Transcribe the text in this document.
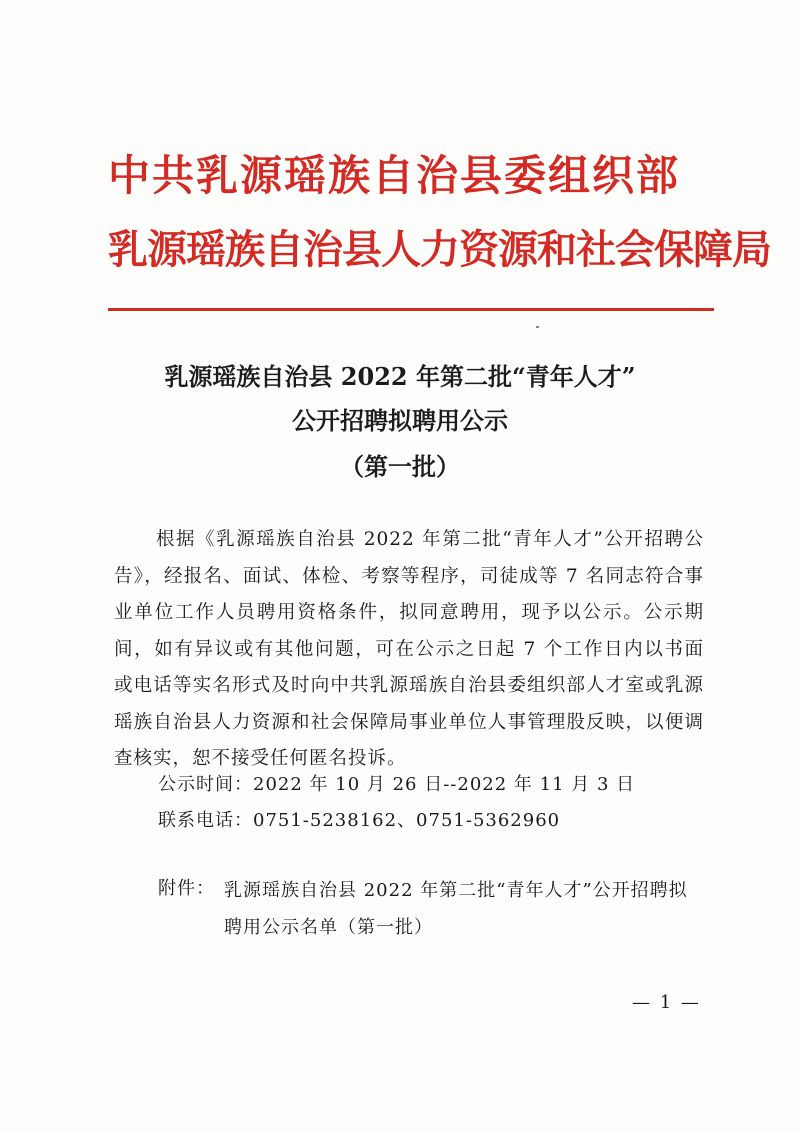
中共乳源瑶族自治县委组织部
乳源瑶族自治县人力资源和社会保障局
乳源瑶族自治县 2022 年第二批“青年人才”
公开招聘拟聘用公示
（第一批）

根据《乳源瑶族自治县 2022 年第二批“青年人才”公开招聘公告》，经报名、面试、体检、考察等程序，司徒成等 7 名同志符合事业单位工作人员聘用资格条件，拟同意聘用，现予以公示。公示期间，如有异议或有其他问题，可在公示之日起 7 个工作日内以书面或电话等实名形式及时向中共乳源瑶族自治县委组织部人才室或乳源瑶族自治县人力资源和社会保障局事业单位人事管理股反映，以便调查核实，恕不接受任何匿名投诉。

公示时间：2022 年 10 月 26 日--2022 年 11 月 3 日

联系电话：0751-5238162、0751-5362960

附件： 乳源瑶族自治县 2022 年第二批“青年人才”公开招聘拟聘用公示名单（第一批）
— 1 —
